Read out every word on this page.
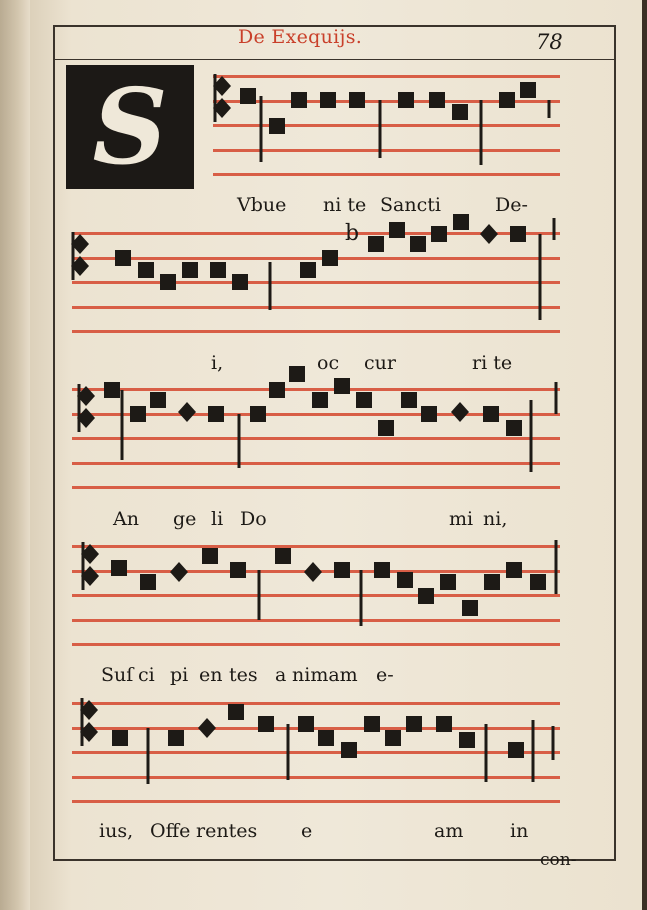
De Exequijs.	78
S
b
Vbue ni te Sancti	De-
i,	oc cur	ri te
An ge li Do	mi ni,
Suſ ci pi en tes a nimam e-
ius, Offe rentes e	am in
con-
